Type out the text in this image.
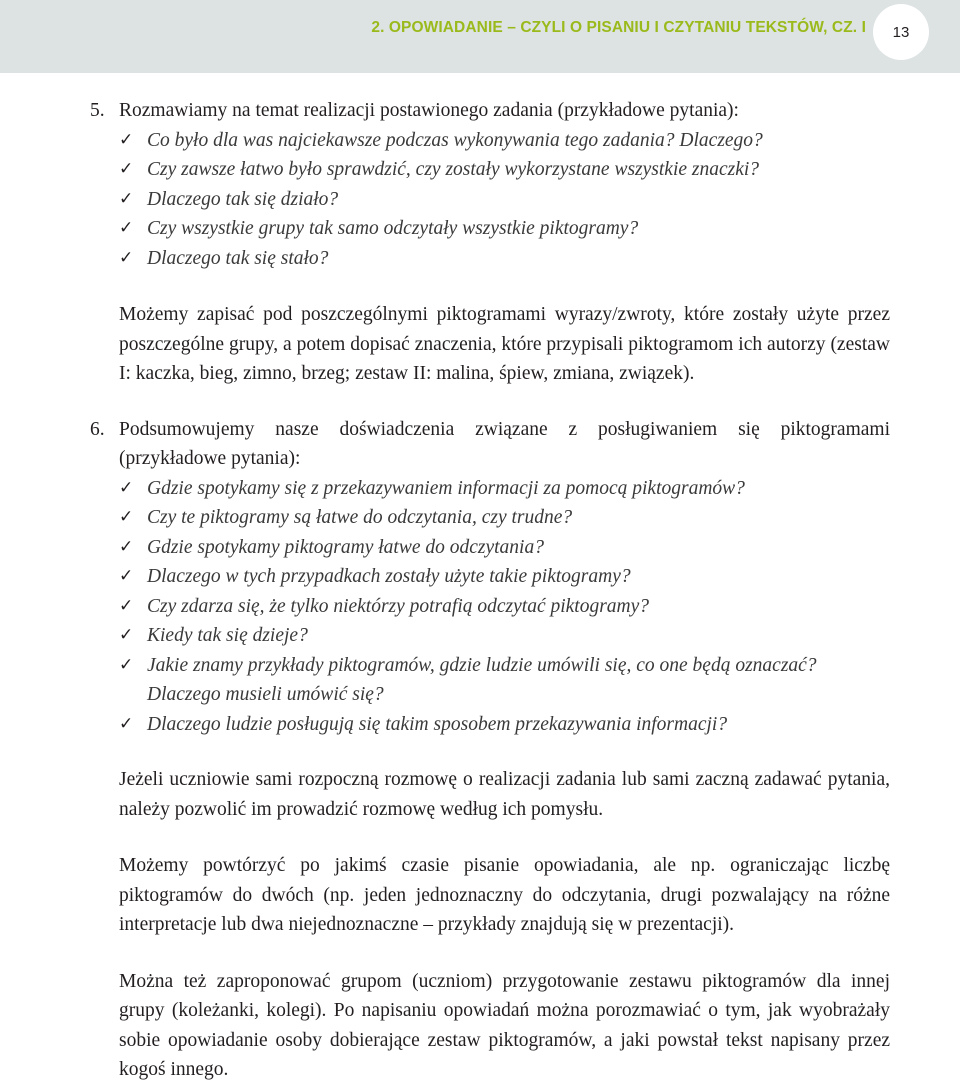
2. OPOWIADANIE – CZYLI O PISANIU I CZYTANIU TEKSTÓW, CZ. I	13
5. Rozmawiamy na temat realizacji postawionego zadania (przykładowe pytania):
✓ Co było dla was najciekawsze podczas wykonywania tego zadania? Dlaczego?
✓ Czy zawsze łatwo było sprawdzić, czy zostały wykorzystane wszystkie znaczki?
✓ Dlaczego tak się działo?
✓ Czy wszystkie grupy tak samo odczytały wszystkie piktogramy?
✓ Dlaczego tak się stało?
Możemy zapisać pod poszczególnymi piktogramami wyrazy/zwroty, które zostały użyte przez poszczególne grupy, a potem dopisać znaczenia, które przypisali piktogramom ich autorzy (zestaw I: kaczka, bieg, zimno, brzeg; zestaw II: malina, śpiew, zmiana, związek).
6. Podsumowujemy nasze doświadczenia związane z posługiwaniem się piktogramami (przykładowe pytania):
✓ Gdzie spotykamy się z przekazywaniem informacji za pomocą piktogramów?
✓ Czy te piktogramy są łatwe do odczytania, czy trudne?
✓ Gdzie spotykamy piktogramy łatwe do odczytania?
✓ Dlaczego w tych przypadkach zostały użyte takie piktogramy?
✓ Czy zdarza się, że tylko niektórzy potrafią odczytać piktogramy?
✓ Kiedy tak się dzieje?
✓ Jakie znamy przykłady piktogramów, gdzie ludzie umówili się, co one będą oznaczać? Dlaczego musieli umówić się?
✓ Dlaczego ludzie posługują się takim sposobem przekazywania informacji?
Jeżeli uczniowie sami rozpoczną rozmowę o realizacji zadania lub sami zaczną zadawać pytania, należy pozwolić im prowadzić rozmowę według ich pomysłu.
Możemy powtórzyć po jakimś czasie pisanie opowiadania, ale np. ograniczając liczbę piktogramów do dwóch (np. jeden jednoznaczny do odczytania, drugi pozwalający na różne interpretacje lub dwa niejednoznaczne – przykłady znajdują się w prezentacji).
Można też zaproponować grupom (uczniom) przygotowanie zestawu piktogramów dla innej grupy (koleżanki, kolegi). Po napisaniu opowiadań można porozmawiać o tym, jak wyobrażały sobie opowiadanie osoby dobierające zestaw piktogramów, a jaki powstał tekst napisany przez kogoś innego.
